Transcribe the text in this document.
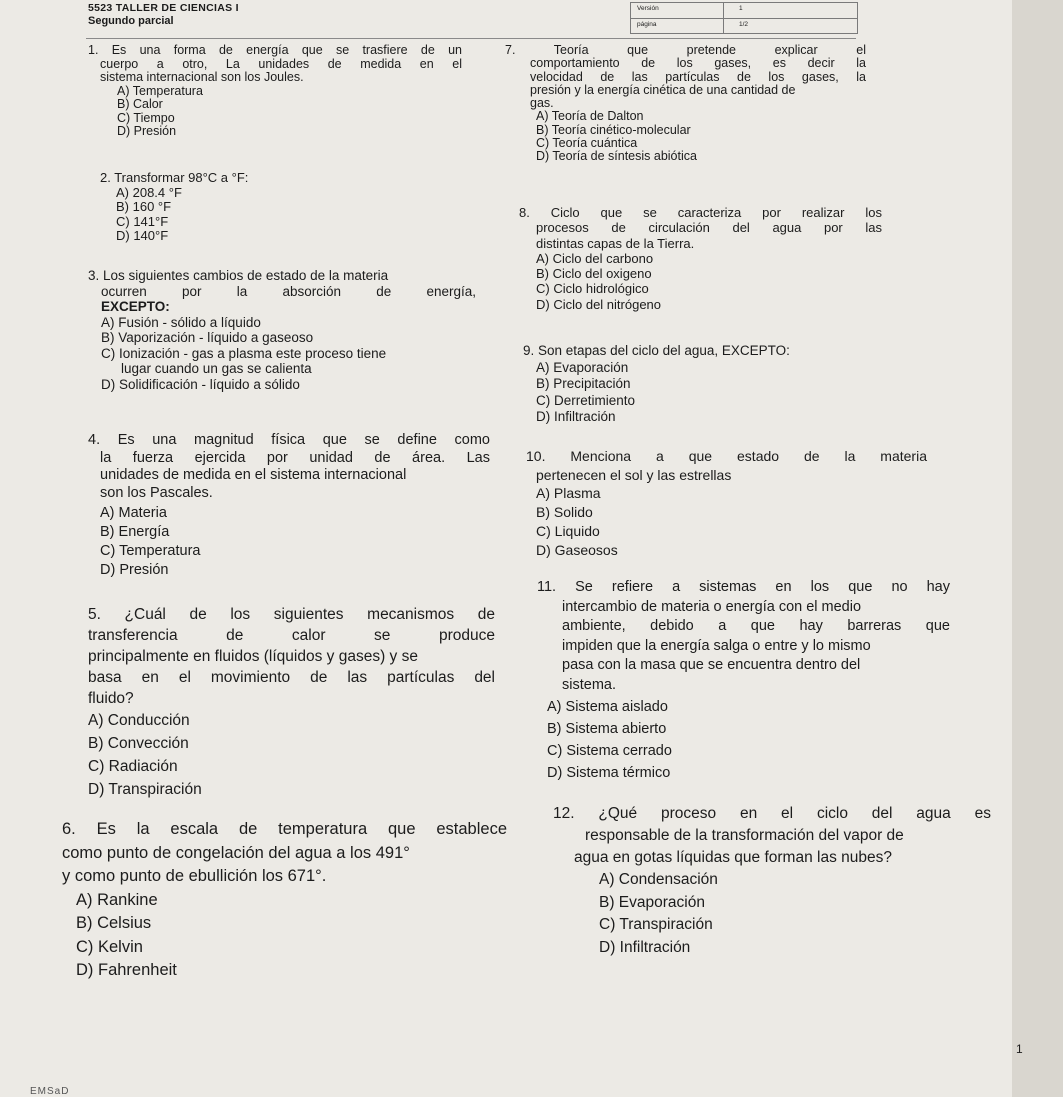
5523 TALLER DE CIENCIAS I
Segundo parcial
Versión	1
página	1/2
1. Es una forma de energía que se trasfiere de un
cuerpo a otro, La unidades de medida en el
sistema internacional son los Joules.
A) Temperatura
B) Calor
C) Tiempo
D) Presión
2. Transformar 98°C a °F:
A) 208.4 °F
B) 160 °F
C) 141°F
D) 140°F
3. Los siguientes cambios de estado de la materia
ocurren por la absorción de energía,
EXCEPTO:
A) Fusión - sólido a líquido
B) Vaporización - líquido a gaseoso
C) Ionización - gas a plasma este proceso tiene
lugar cuando un gas se calienta
D) Solidificación - líquido a sólido
4. Es una magnitud física que se define como
la fuerza ejercida por unidad de área. Las
unidades de medida en el sistema internacional
son los Pascales.
A) Materia
B) Energía
C) Temperatura
D) Presión
5. ¿Cuál de los siguientes mecanismos de
transferencia de calor se produce
principalmente en fluidos (líquidos y gases) y se
basa en el movimiento de las partículas del
fluido?
A) Conducción
B) Convección
C) Radiación
D) Transpiración
6. Es la escala de temperatura que establece
como punto de congelación del agua a los 491°
y como punto de ebullición los 671°.
A) Rankine
B) Celsius
C) Kelvin
D) Fahrenheit
7. Teoría que pretende explicar el
comportamiento de los gases, es decir la
velocidad de las partículas de los gases, la
presión y la energía cinética de una cantidad de
gas.
A) Teoría de Dalton
B) Teoría cinético-molecular
C) Teoría cuántica
D) Teoría de síntesis abiótica
8. Ciclo que se caracteriza por realizar los
procesos de circulación del agua por las
distintas capas de la Tierra.
A) Ciclo del carbono
B) Ciclo del oxigeno
C) Ciclo hidrológico
D) Ciclo del nitrógeno
9. Son etapas del ciclo del agua, EXCEPTO:
A) Evaporación
B) Precipitación
C) Derretimiento
D) Infiltración
10. Menciona a que estado de la materia
pertenecen el sol y las estrellas
A) Plasma
B) Solido
C) Liquido
D) Gaseosos
11. Se refiere a sistemas en los que no hay
intercambio de materia o energía con el medio
ambiente, debido a que hay barreras que
impiden que la energía salga o entre y lo mismo
pasa con la masa que se encuentra dentro del
sistema.
A) Sistema aislado
B) Sistema abierto
C) Sistema cerrado
D) Sistema térmico
12. ¿Qué proceso en el ciclo del agua es
responsable de la transformación del vapor de
agua en gotas líquidas que forman las nubes?
A) Condensación
B) Evaporación
C) Transpiración
D) Infiltración
1
EMSaD
